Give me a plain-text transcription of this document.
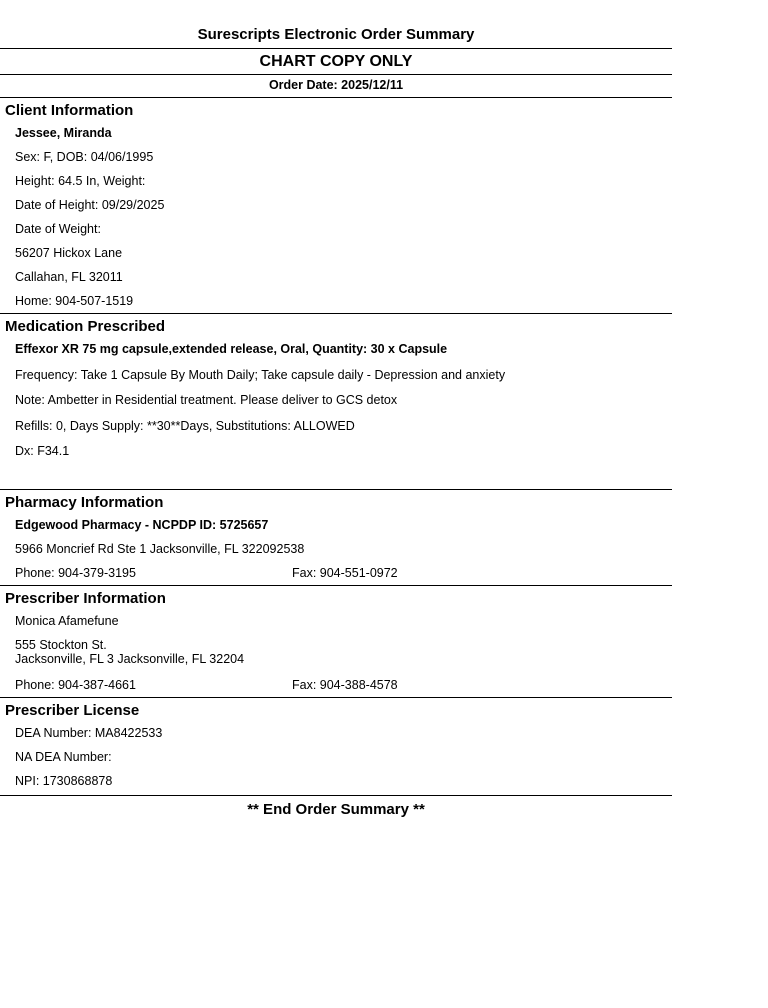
Surescripts Electronic Order Summary
CHART COPY ONLY
Order Date: 2025/12/11
Client Information
Jessee, Miranda
Sex: F, DOB: 04/06/1995
Height: 64.5 In, Weight:
Date of Height: 09/29/2025
Date of Weight:
56207 Hickox Lane
Callahan, FL 32011
Home: 904-507-1519
Medication Prescribed
Effexor XR 75 mg capsule,extended release, Oral, Quantity: 30 x Capsule
Frequency: Take 1 Capsule By Mouth Daily; Take capsule daily - Depression and anxiety
Note: Ambetter in Residential treatment. Please deliver to GCS detox
Refills: 0, Days Supply: **30**Days, Substitutions: ALLOWED
Dx: F34.1
Pharmacy Information
Edgewood Pharmacy - NCPDP ID: 5725657
5966 Moncrief Rd Ste 1 Jacksonville, FL 322092538
Phone: 904-379-3195	Fax: 904-551-0972
Prescriber Information
Monica Afamefune
555 Stockton St.
Jacksonville, FL 3 Jacksonville, FL 32204
Phone: 904-387-4661	Fax: 904-388-4578
Prescriber License
DEA Number: MA8422533
NA DEA Number:
NPI: 1730868878
** End Order Summary **
